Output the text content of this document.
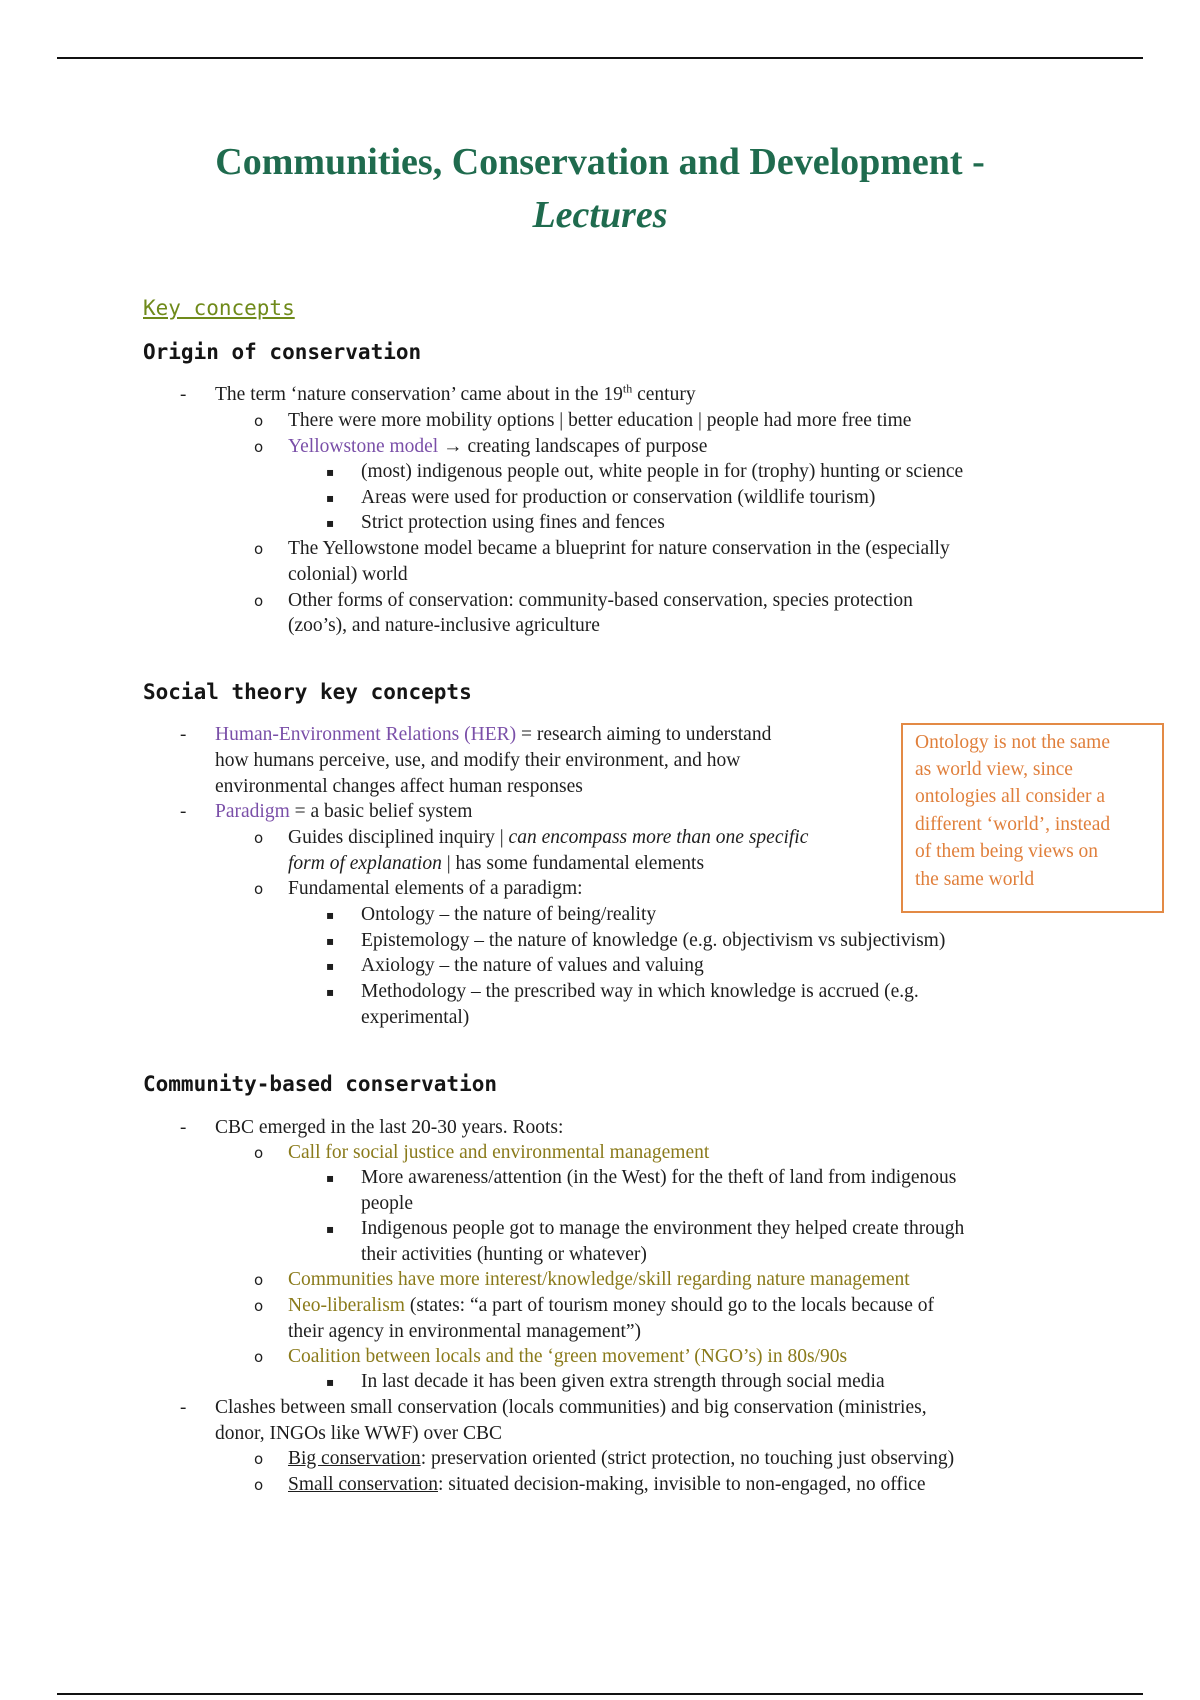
Communities, Conservation and Development -
Lectures
Key concepts
Origin of conservation
- The term ‘nature conservation’ came about in the 19th century
o There were more mobility options | better education | people had more free time
o Yellowstone model → creating landscapes of purpose
▪ (most) indigenous people out, white people in for (trophy) hunting or science
▪ Areas were used for production or conservation (wildlife tourism)
▪ Strict protection using fines and fences
o The Yellowstone model became a blueprint for nature conservation in the (especially
colonial) world
o Other forms of conservation: community-based conservation, species protection
(zoo’s), and nature-inclusive agriculture
Social theory key concepts
- Human-Environment Relations (HER) = research aiming to understand
how humans perceive, use, and modify their environment, and how
environmental changes affect human responses
- Paradigm = a basic belief system
o Guides disciplined inquiry | can encompass more than one specific
form of explanation | has some fundamental elements
o Fundamental elements of a paradigm:
▪ Ontology – the nature of being/reality
▪ Epistemology – the nature of knowledge (e.g. objectivism vs subjectivism)
▪ Axiology – the nature of values and valuing
▪ Methodology – the prescribed way in which knowledge is accrued (e.g.
experimental)
Ontology is not the same
as world view, since
ontologies all consider a
different ‘world’, instead
of them being views on
the same world
Community-based conservation
- CBC emerged in the last 20-30 years. Roots:
o Call for social justice and environmental management
▪ More awareness/attention (in the West) for the theft of land from indigenous
people
▪ Indigenous people got to manage the environment they helped create through
their activities (hunting or whatever)
o Communities have more interest/knowledge/skill regarding nature management
o Neo-liberalism (states: “a part of tourism money should go to the locals because of
their agency in environmental management”)
o Coalition between locals and the ‘green movement’ (NGO’s) in 80s/90s
▪ In last decade it has been given extra strength through social media
- Clashes between small conservation (locals communities) and big conservation (ministries,
donor, INGOs like WWF) over CBC
o Big conservation: preservation oriented (strict protection, no touching just observing)
o Small conservation: situated decision-making, invisible to non-engaged, no office
